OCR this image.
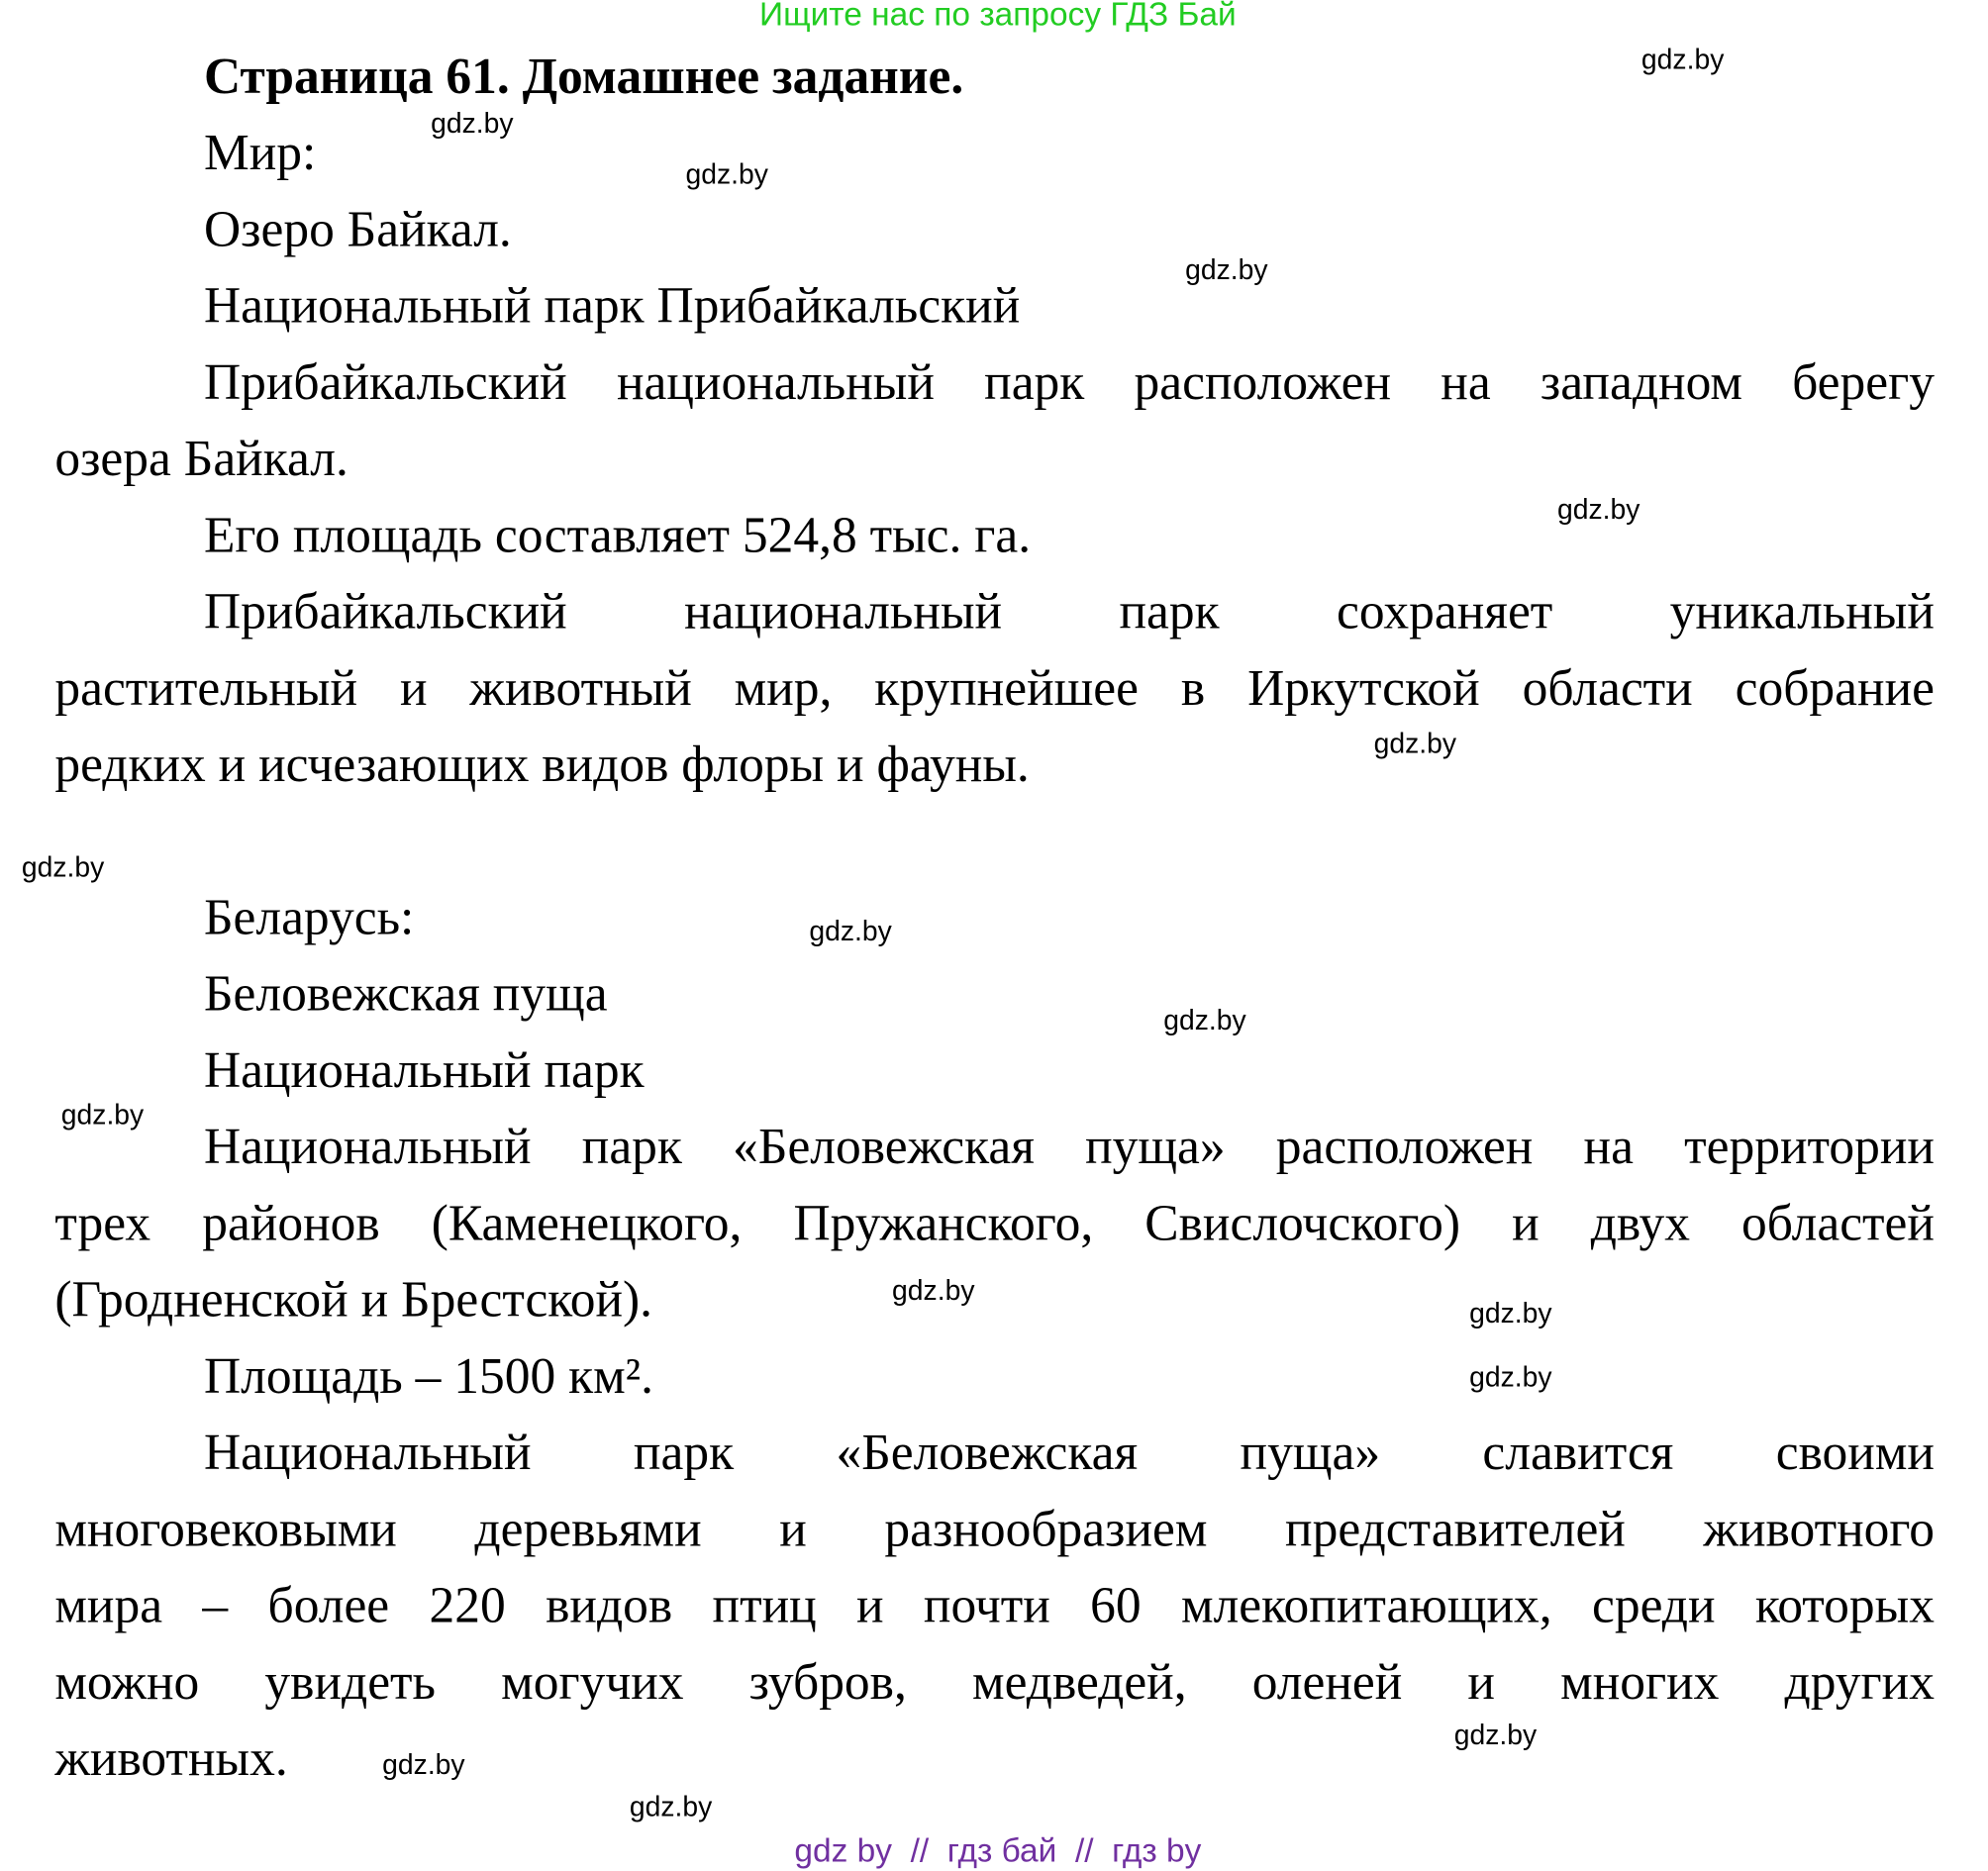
Ищите нас по запросу ГДЗ Бай
Страница 61. Домашнее задание.
Мир:
Озеро Байкал.
Национальный парк Прибайкальский
Прибайкальский национальный парк расположен на западном берегу
озера Байкал.
Его площадь составляет 524,8 тыс. га.
Прибайкальский национальный парк сохраняет уникальный
растительный и животный мир, крупнейшее в Иркутской области собрание
редких и исчезающих видов флоры и фауны.
Беларусь:
Беловежская пуща
Национальный парк
Национальный парк «Беловежская пуща» расположен на территории
трех районов (Каменецкого, Пружанского, Свислочского) и двух областей
(Гродненской и Брестской).
Площадь – 1500 км².
Национальный парк «Беловежская пуща» славится своими
многовековыми деревьями и разнообразием представителей животного
мира – более 220 видов птиц и почти 60 млекопитающих, среди которых
можно увидеть могучих зубров, медведей, оленей и многих других
животных.
gdz.by
gdz.by
gdz.by
gdz.by
gdz.by
gdz.by
gdz.by
gdz.by
gdz.by
gdz.by
gdz.by
gdz.by
gdz.by
gdz.by
gdz.by
gdz.by
gdz by  //  гдз бай  //  гдз by
